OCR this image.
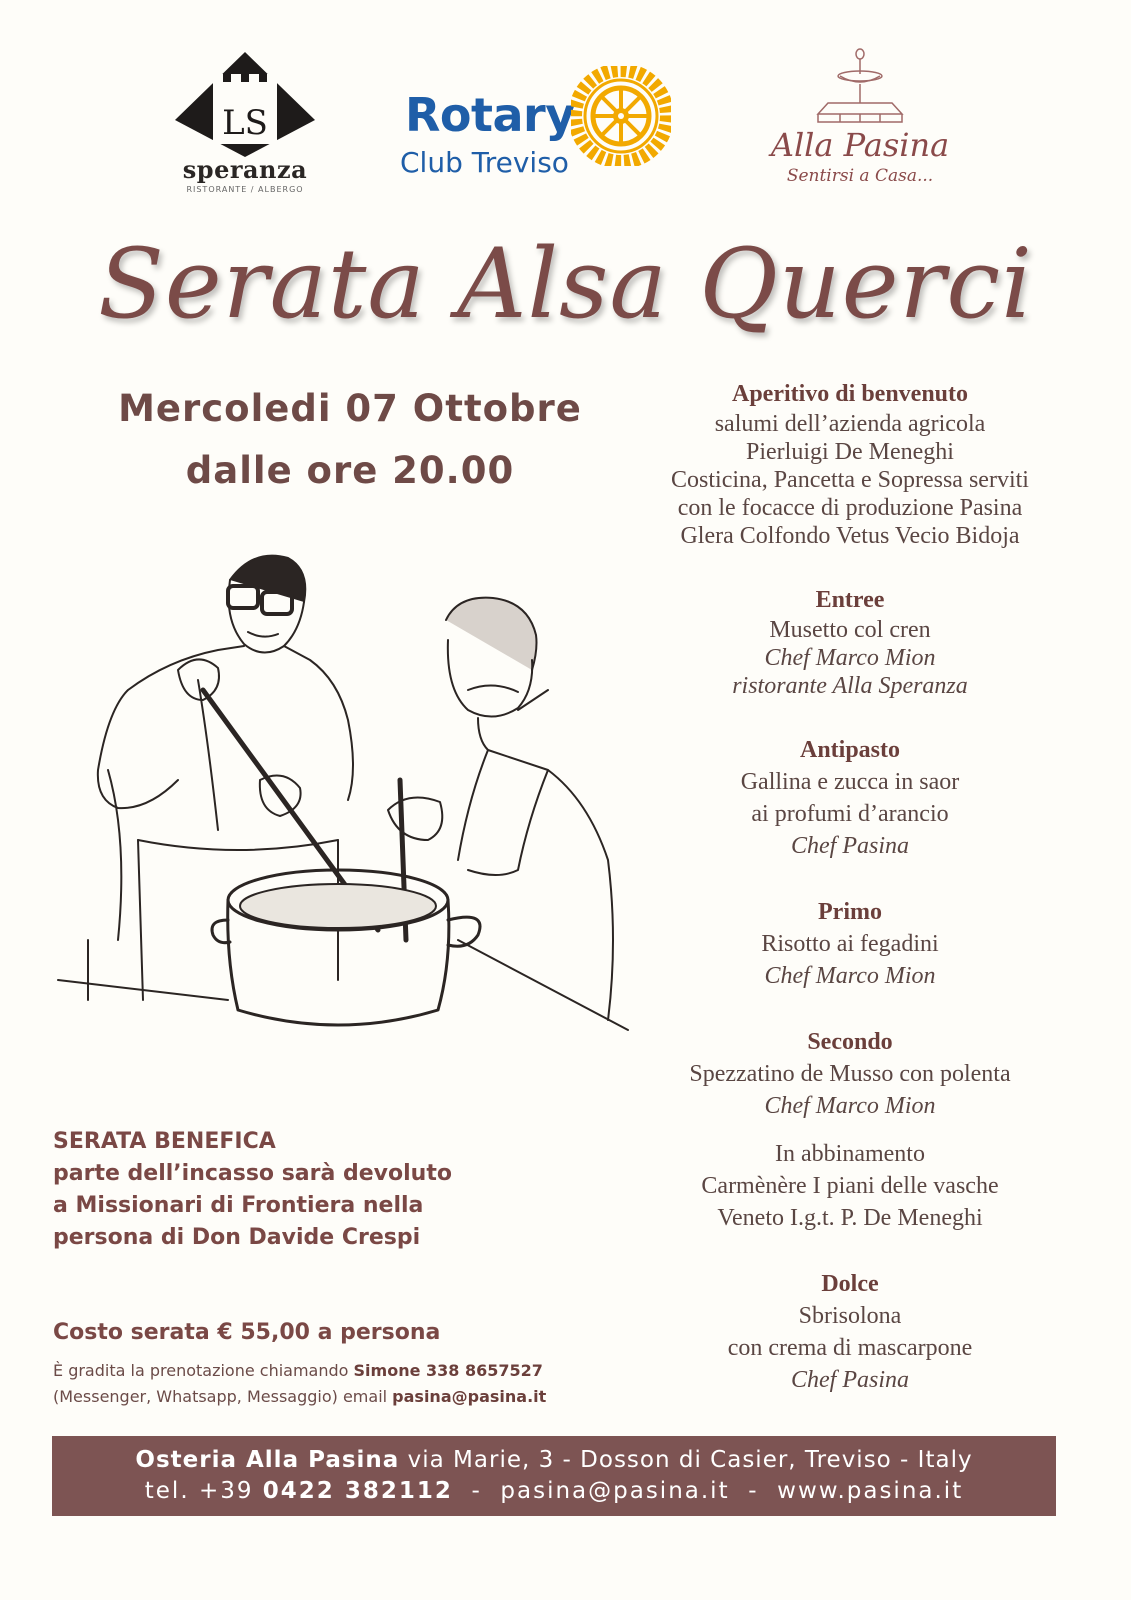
LS
speranza
RISTORANTE / ALBERGO
Rotary
Club Treviso	Alla Pasina
Sentirsi a Casa...
Serata Alsa Querci
Mercoledi 07 Ottobre
dalle ore 20.00
Aperitivo di benvenuto
salumi dell’azienda agricola
Pierluigi De Meneghi
Costicina, Pancetta e Sopressa serviti
con le focacce di produzione Pasina
Glera Colfondo Vetus Vecio Bidoja
Entree
Musetto col cren
Chef Marco Mion
ristorante Alla Speranza
Antipasto
Gallina e zucca in saor
ai profumi d’arancio
Chef Pasina
Primo
Risotto ai fegadini
Chef Marco Mion
Secondo
Spezzatino de Musso con polenta
Chef Marco Mion
In abbinamento
Carmènère I piani delle vasche
Veneto I.g.t. P. De Meneghi
Dolce
Sbrisolona
con crema di mascarpone
Chef Pasina
SERATA BENEFICA
parte dell’incasso sarà devoluto
a Missionari di Frontiera nella
persona di Don Davide Crespi
Costo serata € 55,00 a persona
È gradita la prenotazione chiamando Simone 338 8657527
(Messenger, Whatsapp, Messaggio) email pasina@pasina.it
Osteria Alla Pasina via Marie, 3 - Dosson di Casier, Treviso - Italy
tel. +39 0422 382112  -  pasina@pasina.it  -  www.pasina.it
